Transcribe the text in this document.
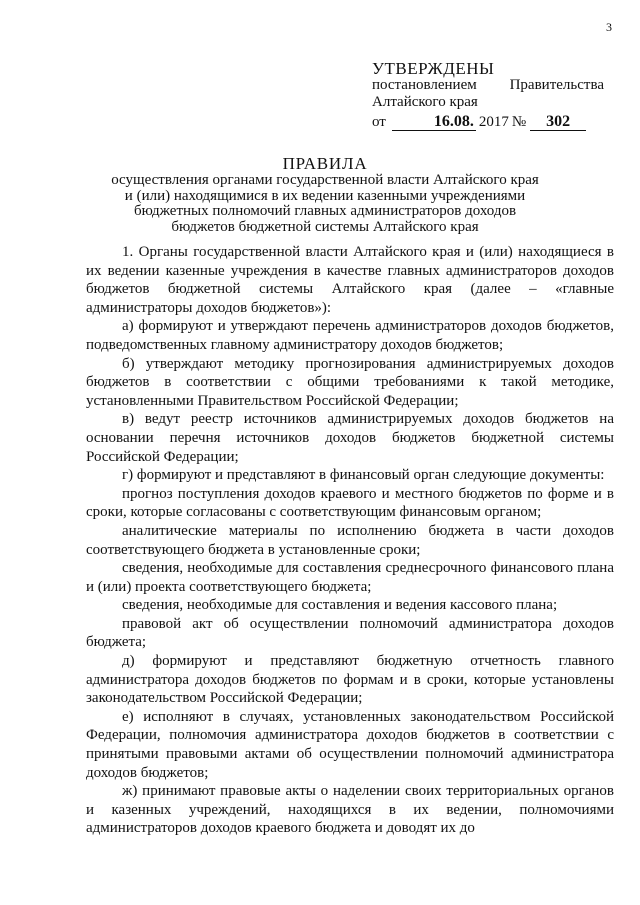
3
УТВЕРЖДЕНЫ
постановлением Правительства
Алтайского края
от	16.08. 2017 №	302
ПРАВИЛА
осуществления органами государственной власти Алтайского края
и (или) находящимися в их ведении казенными учреждениями
бюджетных полномочий главных администраторов доходов
бюджетов бюджетной системы Алтайского края

1. Органы государственной власти Алтайского края и (или) находящиеся в их ведении казенные учреждения в качестве главных администраторов доходов бюджетов бюджетной системы Алтайского края (далее – «главные администраторы доходов бюджетов»):

а) формируют и утверждают перечень администраторов доходов бюджетов, подведомственных главному администратору доходов бюджетов;

б) утверждают методику прогнозирования администрируемых доходов бюджетов в соответствии с общими требованиями к такой методике, установленными Правительством Российской Федерации;

в) ведут реестр источников администрируемых доходов бюджетов на основании перечня источников доходов бюджетов бюджетной системы Российской Федерации;

г) формируют и представляют в финансовый орган следующие документы:

прогноз поступления доходов краевого и местного бюджетов по форме и в сроки, которые согласованы с соответствующим финансовым органом;

аналитические материалы по исполнению бюджета в части доходов соответствующего бюджета в установленные сроки;

сведения, необходимые для составления среднесрочного финансового плана и (или) проекта соответствующего бюджета;

сведения, необходимые для составления и ведения кассового плана;

правовой акт об осуществлении полномочий администратора доходов бюджета;

д) формируют и представляют бюджетную отчетность главного администратора доходов бюджетов по формам и в сроки, которые установлены законодательством Российской Федерации;

е) исполняют в случаях, установленных законодательством Российской Федерации, полномочия администратора доходов бюджетов в соответствии с принятыми правовыми актами об осуществлении полномочий администратора доходов бюджетов;

ж) принимают правовые акты о наделении своих территориальных органов и казенных учреждений, находящихся в их ведении, полномочиями администраторов доходов краевого бюджета и доводят их до
